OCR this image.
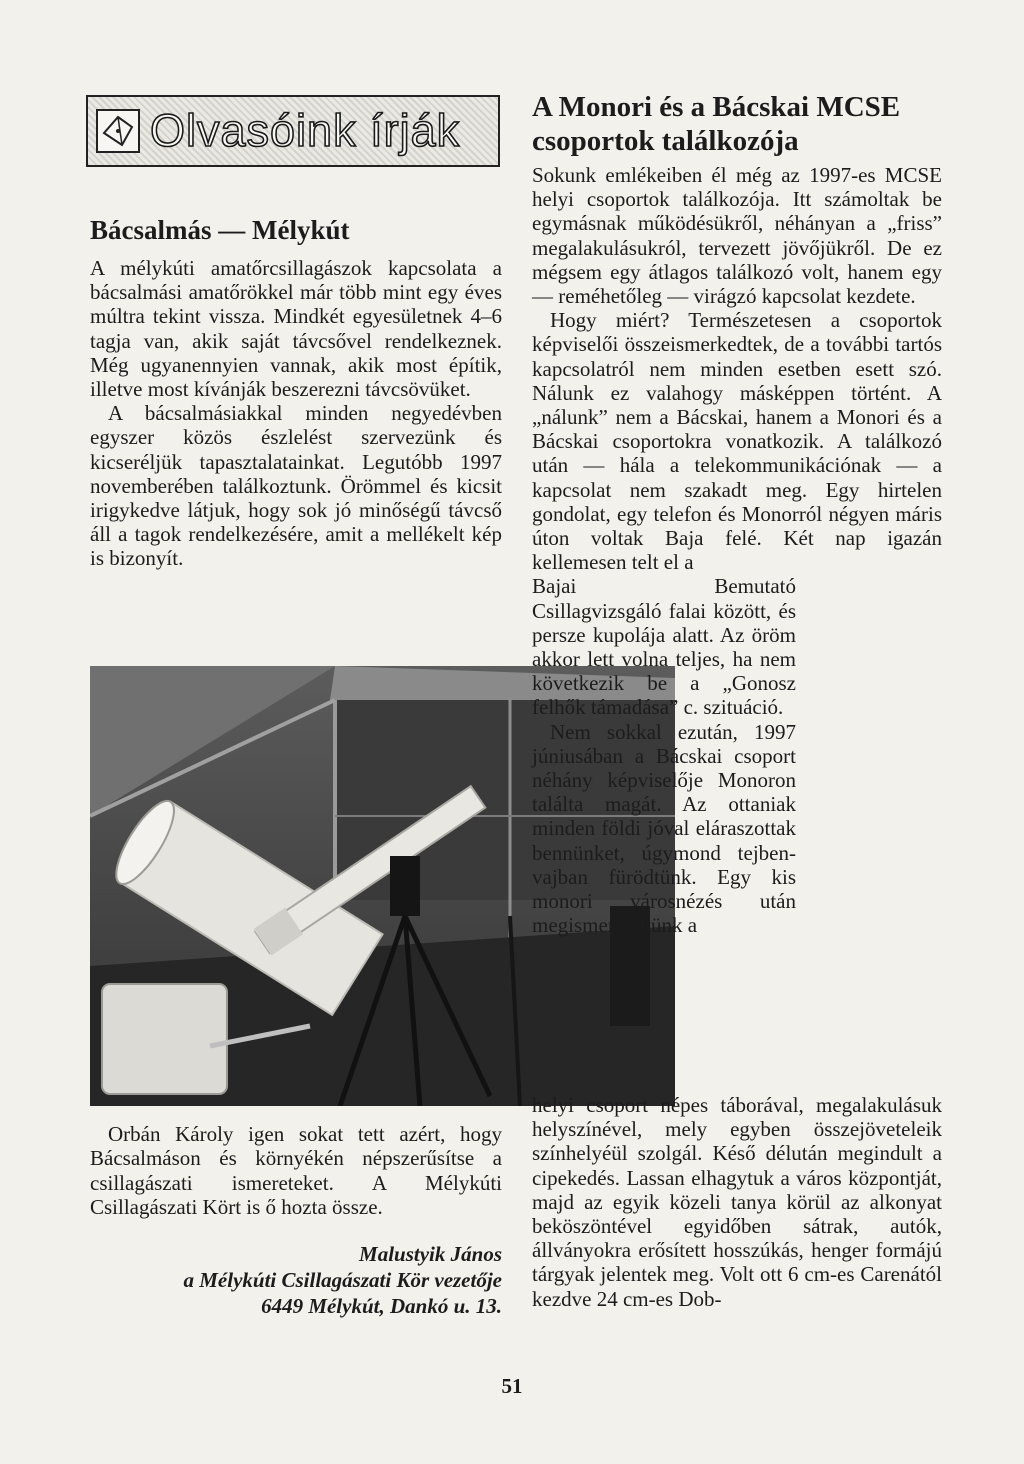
Olvasóink írják
Bácsalmás — Mélykút

A mélykúti amatőrcsillagászok kapcsolata a bácsalmási amatőrökkel már több mint egy éves múltra tekint vissza. Mindkét egyesületnek 4–6 tagja van, akik saját távcsővel rendelkeznek. Még ugyanennyien vannak, akik most építik, illetve most kívánják beszerezni távcsövüket.

A bácsalmásiakkal minden negyedévben egyszer közös észlelést szervezünk és kicseréljük tapasztalatainkat. Legutóbb 1997 novemberében találkoztunk. Örömmel és kicsit irigykedve látjuk, hogy sok jó minőségű távcső áll a tagok rendelkezésére, amit a mellékelt kép is bizonyít.

Orbán Károly igen sokat tett azért, hogy Bácsalmáson és környékén népszerűsítse a csillagászati ismereteket. A Mélykúti Csillagászati Kört is ő hozta össze.

Malustyik János
a Mélykúti Csillagászati Kör vezetője
6449 Mélykút, Dankó u. 13.
A Monori és a Bácskai MCSE csoportok találkozója

Sokunk emlékeiben él még az 1997-es MCSE helyi csoportok találkozója. Itt számoltak be egymásnak működésükről, néhányan a „friss” megalakulásukról, tervezett jövőjükről. De ez mégsem egy átlagos találkozó volt, hanem egy — reméhetőleg — virágzó kapcsolat kezdete.

Hogy miért? Természetesen a csoportok képviselői összeismerkedtek, de a további tartós kapcsolatról nem minden esetben esett szó. Nálunk ez valahogy másképpen történt. A „nálunk” nem a Bácskai, hanem a Monori és a Bácskai csoportokra vonatkozik. A találkozó után — hála a telekommunikációnak — a kapcsolat nem szakadt meg. Egy hirtelen gondolat, egy telefon és Monorról négyen máris úton voltak Baja felé. Két nap igazán kellemesen telt el a

Bajai Bemutató Csillagvizsgáló falai között, és persze kupolája alatt. Az öröm akkor lett volna teljes, ha nem következik be a „Gonosz felhők támadása” c. szituáció.

Nem sokkal ezután, 1997 júniusában a Bácskai csoport néhány képviselője Monoron találta magát. Az ottaniak minden földi jóval eláraszottak bennünket, úgymond tejben-vajban fürödtünk. Egy kis monori városnézés után megismerkedtünk a

helyi csoport népes táborával, megalakulásuk helyszínével, mely egyben összejöveteleik színhelyéül szolgál. Késő délután megindult a cipekedés. Lassan elhagytuk a város központját, majd az egyik közeli tanya körül az alkonyat beköszöntével egyidőben sátrak, autók, állványokra erősített hosszúkás, henger formájú tárgyak jelentek meg. Volt ott 6 cm-es Carenától kezdve 24 cm-es Dob-

51
